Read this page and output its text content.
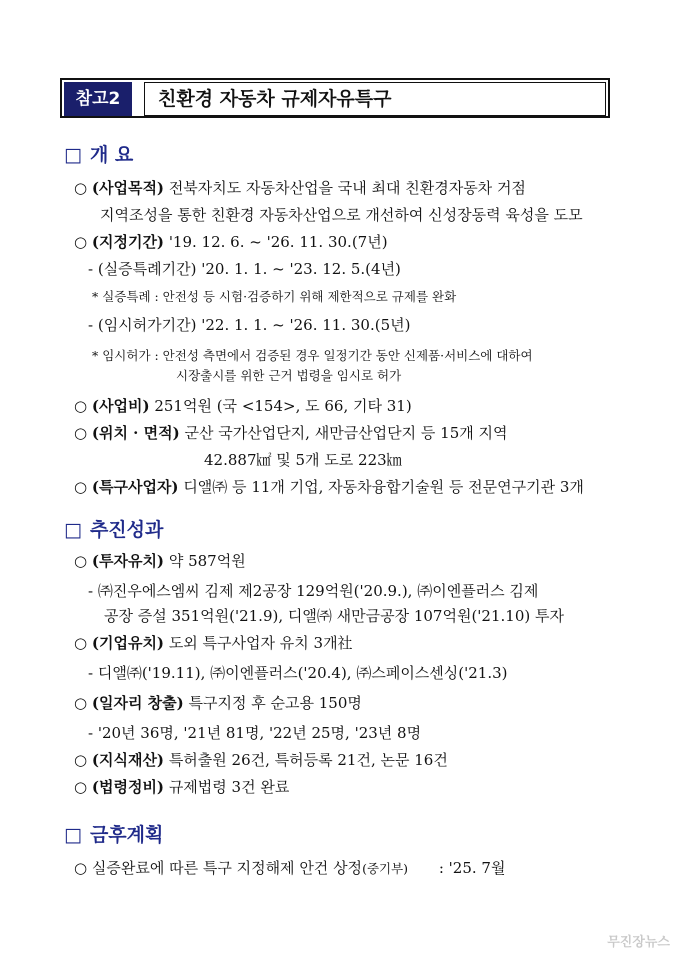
참고2	친환경 자동차 규제자유특구
□ 개 요
○ (사업목적) 전북자치도 자동차산업을 국내 최대 친환경자동차 거점
지역조성을 통한 친환경 자동차산업으로 개선하여 신성장동력 육성을 도모
○ (지정기간) '19. 12. 6. ~ '26. 11. 30.(7년)
- (실증특례기간) '20. 1. 1. ~ '23. 12. 5.(4년)
* 실증특례 : 안전성 등 시험·검증하기 위해 제한적으로 규제를 완화
- (임시허가기간) '22. 1. 1. ~ '26. 11. 30.(5년)
* 임시허가 : 안전성 측면에서 검증된 경우 일정기간 동안 신제품·서비스에 대하여
시장출시를 위한 근거 법령을 임시로 허가
○ (사업비) 251억원 (국 <154>, 도 66, 기타 31)
○ (위치 · 면적) 군산 국가산업단지, 새만금산업단지 등 15개 지역
42.887㎢ 및 5개 도로 223㎞
○ (특구사업자) 디앨㈜ 등 11개 기업, 자동차융합기술원 등 전문연구기관 3개
□ 추진성과
○ (투자유치) 약 587억원
- ㈜진우에스엠씨 김제 제2공장 129억원('20.9.), ㈜이엔플러스 김제
공장 증설 351억원('21.9), 디앨㈜ 새만금공장 107억원('21.10) 투자
○ (기업유치) 도외 특구사업자 유치 3개社
- 디앨㈜('19.11), ㈜이엔플러스('20.4), ㈜스페이스센싱('21.3)
○ (일자리 창출) 특구지정 후 순고용 150명
- '20년 36명, '21년 81명, '22년 25명, '23년 8명
○ (지식재산) 특허출원 26건, 특허등록 21건, 논문 16건
○ (법령정비) 규제법령 3건 완료
□ 금후계획
○ 실증완료에 따른 특구 지정해제 안건 상정(중기부) : '25. 7월
무진장뉴스
